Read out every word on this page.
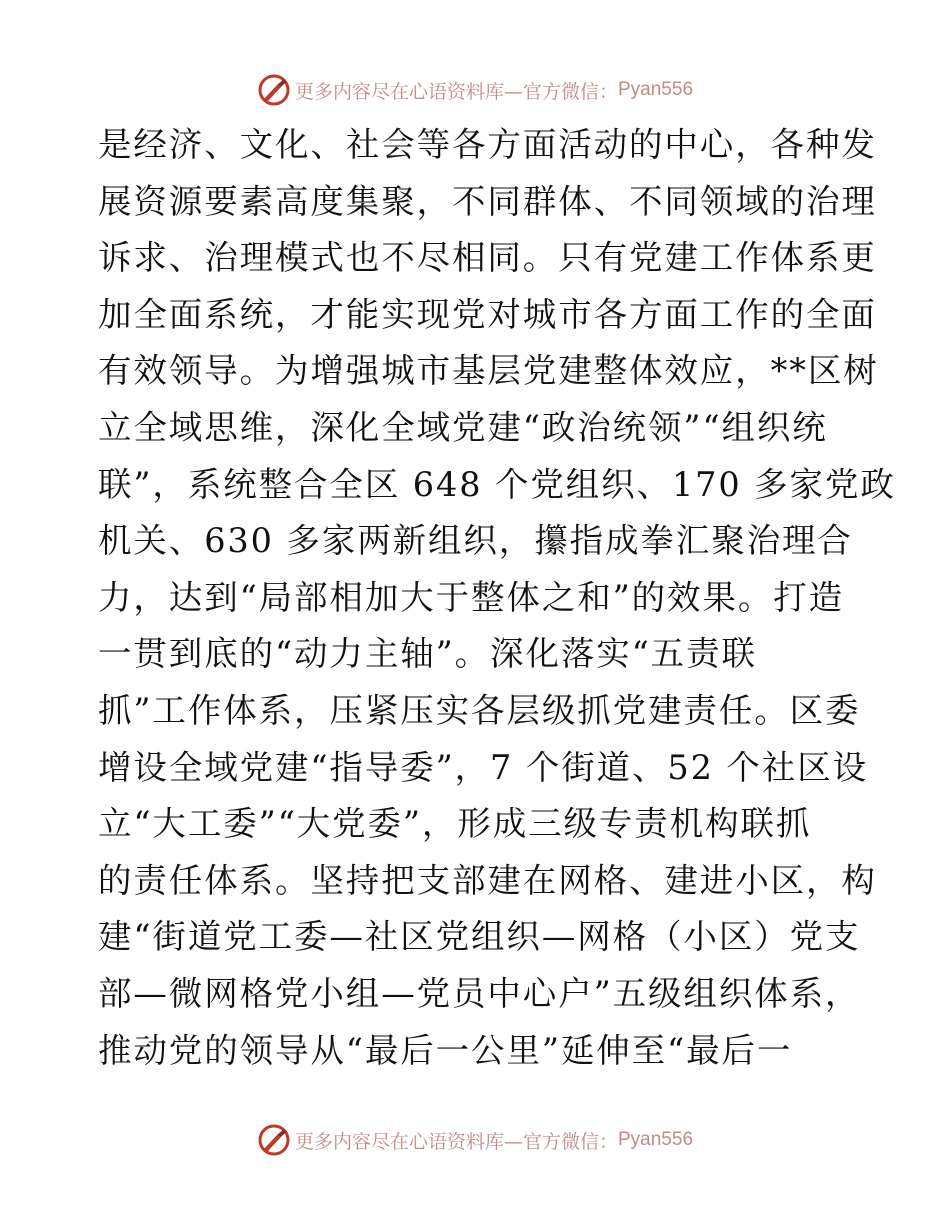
更多内容尽在心语资料库—官方微信： Pyan556
是经济、文化、社会等各方面活动的中心，各种发
展资源要素高度集聚，不同群体、不同领域的治理
诉求、治理模式也不尽相同。只有党建工作体系更
加全面系统，才能实现党对城市各方面工作的全面
有效领导。为增强城市基层党建整体效应，**区树
立全域思维，深化全域党建“政治统领”“组织统
联”，系统整合全区 648 个党组织、170 多家党政
机关、630 多家两新组织，攥指成拳汇聚治理合
力，达到“局部相加大于整体之和”的效果。打造
一贯到底的“动力主轴”。深化落实“五责联
抓”工作体系，压紧压实各层级抓党建责任。区委
增设全域党建“指导委”，7 个街道、52 个社区设
立“大工委”“大党委”，形成三级专责机构联抓
的责任体系。坚持把支部建在网格、建进小区，构
建“街道党工委—社区党组织—网格（小区）党支
部—微网格党小组—党员中心户”五级组织体系，
推动党的领导从“最后一公里”延伸至“最后一
更多内容尽在心语资料库—官方微信： Pyan556
